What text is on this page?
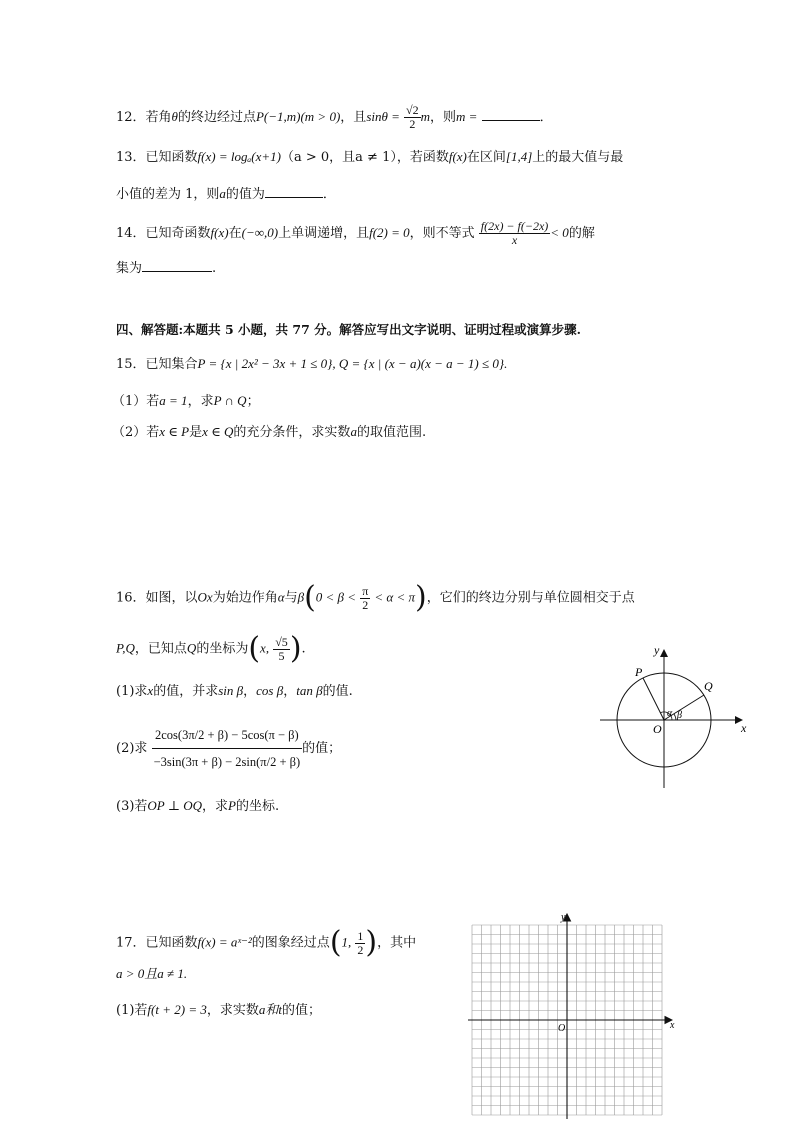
12．若角θ的终边经过点P(−1,m)(m > 0)，且$\sin\theta = \frac{√2}{2}$ m，则m =	．
13．已知函数f(x) = logₐ(x+1)（a > 0，且a ≠ 1），若函数f(x)在区间[1,4]上的最大值与最
小值的差为 1，则a的值为	．
14．已知奇函数f(x)在(−∞,0)上单调递增，且f(2) = 0，则不等式 $\frac{f(2x) - f(-2x)}{x} < 0$的解
集为	.
四、解答题:本题共 5 小题，共 77 分。解答应写出文字说明、证明过程或演算步骤.
15．已知集合P = {x | 2x² − 3x + 1 ≤ 0}, Q = {x | (x − a)(x − a − 1) ≤ 0}.
（1）若a = 1，求P ∩ Q；
（2）若x ∈ P是x ∈ Q的充分条件，求实数a的取值范围.
16．如图，以Ox为始边作角α与$\beta(0 < \beta < \frac{\pi}{2} < \alpha < \pi)$，它们的终边分别与单位圆相交于点
P,Q，已知点Q的坐标为(x, $\frac{√5}{5}$ ).
(1)求x的值，并求sin β，cos β，tan β的值.
(2)求 $\frac{2\cos(3\pi/2 + \beta) - 5\cos(\pi - \beta)}{-3\sin(3\pi + \beta) - 2\sin(\pi/2 + \beta)}$ 的值；
(3)若OP ⊥ OQ，求P的坐标.
y
x
O
P
Q
α β
17．已知函数f(x) = aˣ⁻²的图象经过点(1, $\frac{1}{2}$ )，其中
a > 0且a ≠ 1.
(1)若f(t + 2) = 3，求实数a和t的值；
y
x
O
